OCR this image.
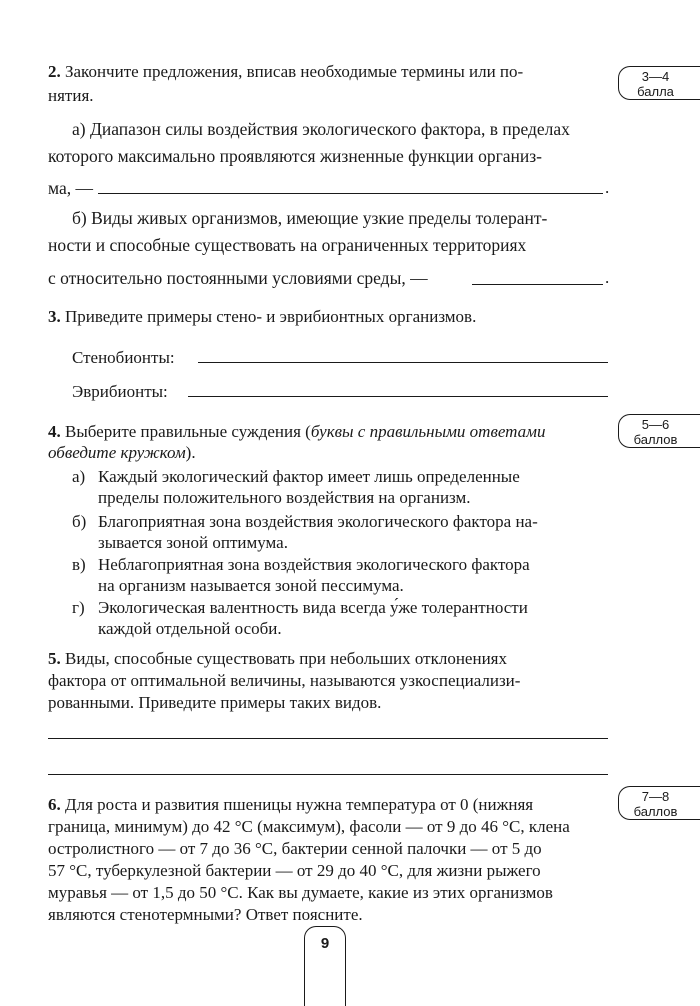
3—4
балла
5—6
баллов
7—8
баллов
2. Закончите предложения, вписав необходимые термины или по-
нятия.
а) Диапазон силы воздействия экологического фактора, в пределах
которого максимально проявляются жизненные функции организ-
ма, —	.
б) Виды живых организмов, имеющие узкие пределы толерант-
ности и способные существовать на ограниченных территориях
с относительно постоянными условиями среды, —	.
3. Приведите примеры стено- и эврибионтных организмов.
Стенобионты:
Эврибионты:
4. Выберите правильные суждения (буквы с правильными ответами
обведите кружком).
а) Каждый экологический фактор имеет лишь определенные
пределы положительного воздействия на организм.
б) Благоприятная зона воздействия экологического фактора на-
зывается зоной оптимума.
в) Неблагоприятная зона воздействия экологического фактора
на организм называется зоной пессимума.
г) Экологическая валентность вида всегда у́же толерантности
каждой отдельной особи.
5. Виды, способные существовать при небольших отклонениях
фактора от оптимальной величины, называются узкоспециализи-
рованными. Приведите примеры таких видов.
6. Для роста и развития пшеницы нужна температура от 0 (нижняя
граница, минимум) до 42 °С (максимум), фасоли — от 9 до 46 °С, клена
остролистного — от 7 до 36 °С, бактерии сенной палочки — от 5 до
57 °С, туберкулезной бактерии — от 29 до 40 °С, для жизни рыжего
муравья — от 1,5 до 50 °С. Как вы думаете, какие из этих организмов
являются стенотермными? Ответ поясните.
9
